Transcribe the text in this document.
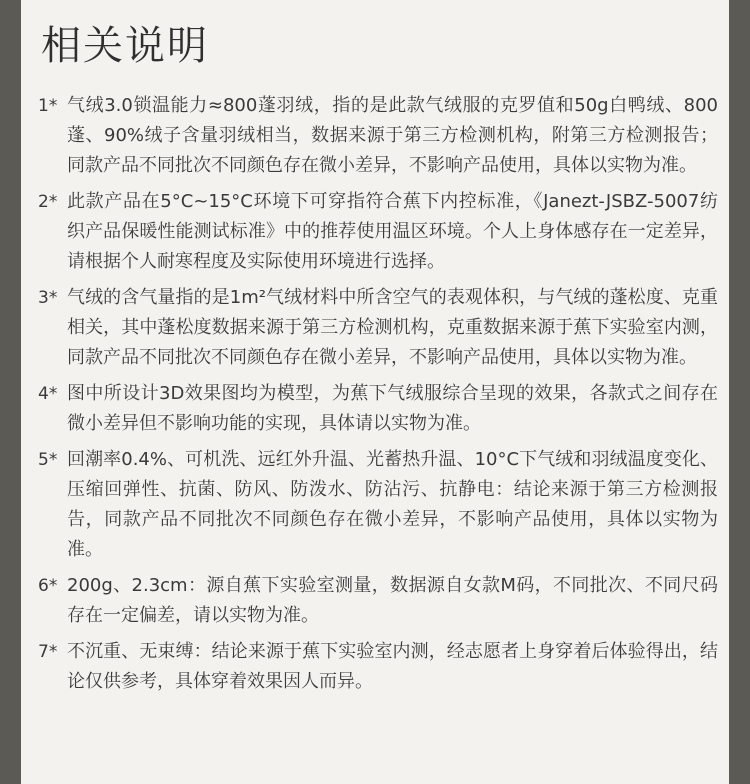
相关说明
1* 气绒3.0锁温能力≈800蓬羽绒，指的是此款气绒服的克罗值和50g白鸭绒、800蓬、90%绒子含量羽绒相当，数据来源于第三方检测机构，附第三方检测报告；同款产品不同批次不同颜色存在微小差异，不影响产品使用，具体以实物为准。
2* 此款产品在5°C~15°C环境下可穿指符合蕉下内控标准，《Janezt-JSBZ-5007纺织产品保暖性能测试标准》中的推荐使用温区环境。个人上身体感存在一定差异，请根据个人耐寒程度及实际使用环境进行选择。
3* 气绒的含气量指的是1m²气绒材料中所含空气的表观体积，与气绒的蓬松度、克重相关，其中蓬松度数据来源于第三方检测机构，克重数据来源于蕉下实验室内测，同款产品不同批次不同颜色存在微小差异，不影响产品使用，具体以实物为准。
4* 图中所设计3D效果图均为模型，为蕉下气绒服综合呈现的效果，各款式之间存在微小差异但不影响功能的实现，具体请以实物为准。
5* 回潮率0.4%、可机洗、远红外升温、光蓄热升温、10°C下气绒和羽绒温度变化、压缩回弹性、抗菌、防风、防泼水、防沾污、抗静电：结论来源于第三方检测报告，同款产品不同批次不同颜色存在微小差异，不影响产品使用，具体以实物为准。
6* 200g、2.3cm：源自蕉下实验室测量，数据源自女款M码，不同批次、不同尺码存在一定偏差，请以实物为准。
7* 不沉重、无束缚：结论来源于蕉下实验室内测，经志愿者上身穿着后体验得出，结论仅供参考，具体穿着效果因人而异。
